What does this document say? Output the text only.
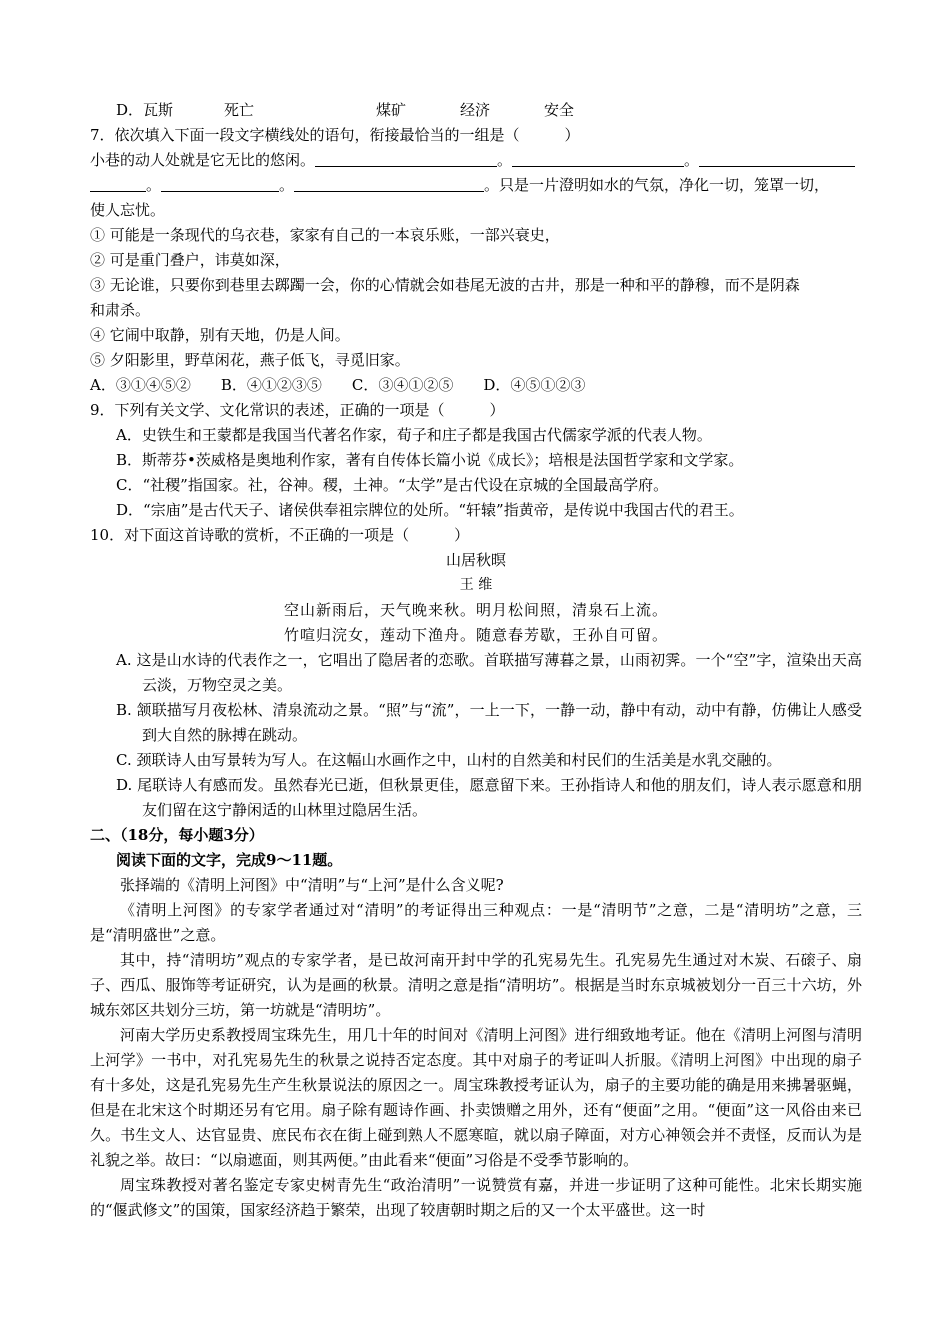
D．瓦斯	死亡	煤矿	经济	安全
7．依次填入下面一段文字横线处的语句，衔接最恰当的一组是（　　　）
小巷的动人处就是它无比的悠闲。	。	。
。	。	。只是一片澄明如水的气氛，净化一切，笼罩一切，
使人忘忧。
① 可能是一条现代的乌衣巷，家家有自己的一本哀乐账，一部兴衰史，
② 可是重门叠户，讳莫如深，
③ 无论谁，只要你到巷里去踯躅一会，你的心情就会如巷尾无波的古井，那是一种和平的静穆，而不是阴森
和肃杀。
④ 它闹中取静，别有天地，仍是人间。
⑤ 夕阳影里，野草闲花，燕子低飞，寻觅旧家。
A．③①④⑤②　　B．④①②③⑤　　C．③④①②⑤　　D．④⑤①②③
9．下列有关文学、文化常识的表述，正确的一项是（　　　）
A．史铁生和王蒙都是我国当代著名作家，荀子和庄子都是我国古代儒家学派的代表人物。
B．斯蒂芬•茨威格是奥地利作家，著有自传体长篇小说《成长》；培根是法国哲学家和文学家。
C．“社稷”指国家。社，谷神。稷，土神。“太学”是古代设在京城的全国最高学府。
D．“宗庙”是古代天子、诸侯供奉祖宗牌位的处所。“轩辕”指黄帝，是传说中我国古代的君王。
10．对下面这首诗歌的赏析，不正确的一项是（　　　）
山居秋暝
王 维
空山新雨后，天气晚来秋。明月松间照，清泉石上流。
竹喧归浣女，莲动下渔舟。随意春芳歇，王孙自可留。
A. 这是山水诗的代表作之一，它唱出了隐居者的恋歌。首联描写薄暮之景，山雨初霁。一个“空”字，渲染出天高云淡，万物空灵之美。
B. 颔联描写月夜松林、清泉流动之景。“照”与“流”，一上一下，一静一动，静中有动，动中有静，仿佛让人感受到大自然的脉搏在跳动。
C. 颈联诗人由写景转为写人。在这幅山水画作之中，山村的自然美和村民们的生活美是水乳交融的。
D. 尾联诗人有感而发。虽然春光已逝，但秋景更佳，愿意留下来。王孙指诗人和他的朋友们，诗人表示愿意和朋友们留在这宁静闲适的山林里过隐居生活。
二、（18分，每小题3分）
阅读下面的文字，完成9～11题。
张择端的《清明上河图》中“清明”与“上河”是什么含义呢?
《清明上河图》的专家学者通过对“清明”的考证得出三种观点：一是“清明节”之意，二是“清明坊”之意，三是“清明盛世”之意。
其中，持“清明坊”观点的专家学者，是已故河南开封中学的孔宪易先生。孔宪易先生通过对木炭、石磙子、扇子、西瓜、服饰等考证研究，认为是画的秋景。清明之意是指“清明坊”。根据是当时东京城被划分一百三十六坊，外城东郊区共划分三坊，第一坊就是“清明坊”。
河南大学历史系教授周宝珠先生，用几十年的时间对《清明上河图》进行细致地考证。他在《清明上河图与清明上河学》一书中，对孔宪易先生的秋景之说持否定态度。其中对扇子的考证叫人折服。《清明上河图》中出现的扇子有十多处，这是孔宪易先生产生秋景说法的原因之一。周宝珠教授考证认为，扇子的主要功能的确是用来拂暑驱蝇，但是在北宋这个时期还另有它用。扇子除有题诗作画、扑卖馈赠之用外，还有“便面”之用。“便面”这一风俗由来已久。书生文人、达官显贵、庶民布衣在街上碰到熟人不愿寒暄，就以扇子障面，对方心神领会并不责怪，反而认为是礼貌之举。故曰：“以扇遮面，则其两便。”由此看来“便面”习俗是不受季节影响的。
周宝珠教授对著名鉴定专家史树青先生“政治清明”一说赞赏有嘉，并进一步证明了这种可能性。北宋长期实施的“偃武修文”的国策，国家经济趋于繁荣，出现了较唐朝时期之后的又一个太平盛世。这一时
